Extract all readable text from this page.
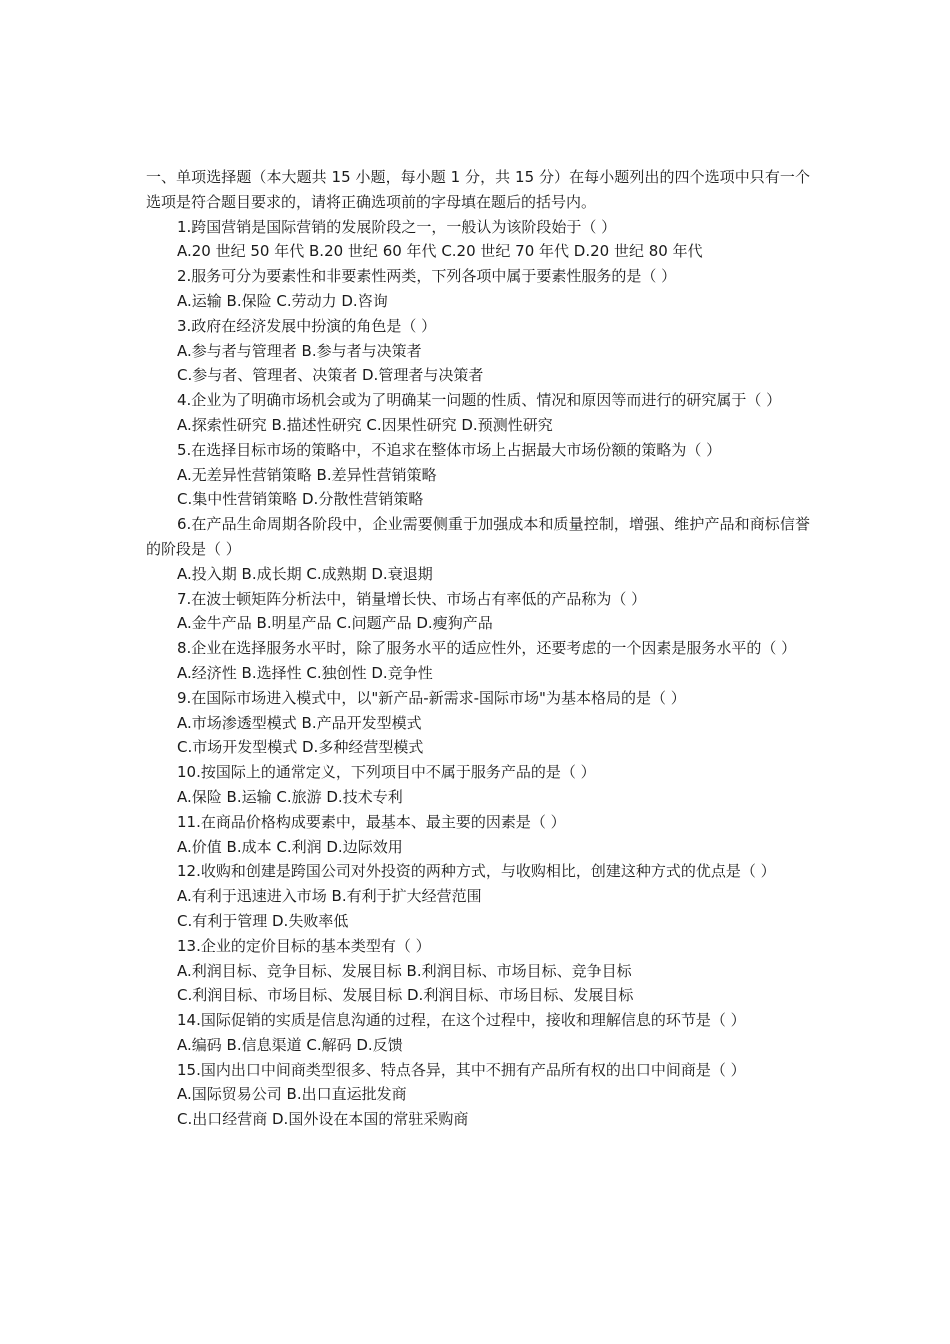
一、单项选择题（本大题共 15 小题，每小题 1 分，共 15 分）在每小题列出的四个选项中只有一个选项是符合题目要求的，请将正确选项前的字母填在题后的括号内。

1.跨国营销是国际营销的发展阶段之一，一般认为该阶段始于（ ）

A.20 世纪 50 年代 B.20 世纪 60 年代 C.20 世纪 70 年代 D.20 世纪 80 年代

2.服务可分为要素性和非要素性两类，下列各项中属于要素性服务的是（ ）

A.运输 B.保险 C.劳动力 D.咨询

3.政府在经济发展中扮演的角色是（ ）

A.参与者与管理者 B.参与者与决策者

C.参与者、管理者、决策者 D.管理者与决策者

4.企业为了明确市场机会或为了明确某一问题的性质、情况和原因等而进行的研究属于（ ）

A.探索性研究 B.描述性研究 C.因果性研究 D.预测性研究

5.在选择目标市场的策略中，不追求在整体市场上占据最大市场份额的策略为（ ）

A.无差异性营销策略 B.差异性营销策略

C.集中性营销策略 D.分散性营销策略

6.在产品生命周期各阶段中，企业需要侧重于加强成本和质量控制，增强、维护产品和商标信誉的阶段是（ ）

A.投入期 B.成长期 C.成熟期 D.衰退期

7.在波士顿矩阵分析法中，销量增长快、市场占有率低的产品称为（ ）

A.金牛产品 B.明星产品 C.问题产品 D.瘦狗产品

8.企业在选择服务水平时，除了服务水平的适应性外，还要考虑的一个因素是服务水平的（ ）

A.经济性 B.选择性 C.独创性 D.竞争性

9.在国际市场进入模式中，以"新产品-新需求-国际市场"为基本格局的是（ ）

A.市场渗透型模式 B.产品开发型模式

C.市场开发型模式 D.多种经营型模式

10.按国际上的通常定义，下列项目中不属于服务产品的是（ ）

A.保险 B.运输 C.旅游 D.技术专利

11.在商品价格构成要素中，最基本、最主要的因素是（ ）

A.价值 B.成本 C.利润 D.边际效用

12.收购和创建是跨国公司对外投资的两种方式，与收购相比，创建这种方式的优点是（ ）

A.有利于迅速进入市场 B.有利于扩大经营范围

C.有利于管理 D.失败率低

13.企业的定价目标的基本类型有（ ）

A.利润目标、竞争目标、发展目标 B.利润目标、市场目标、竞争目标

C.利润目标、市场目标、发展目标 D.利润目标、市场目标、发展目标

14.国际促销的实质是信息沟通的过程，在这个过程中，接收和理解信息的环节是（ ）

A.编码 B.信息渠道 C.解码 D.反馈

15.国内出口中间商类型很多、特点各异，其中不拥有产品所有权的出口中间商是（ ）

A.国际贸易公司 B.出口直运批发商

C.出口经营商 D.国外设在本国的常驻采购商
